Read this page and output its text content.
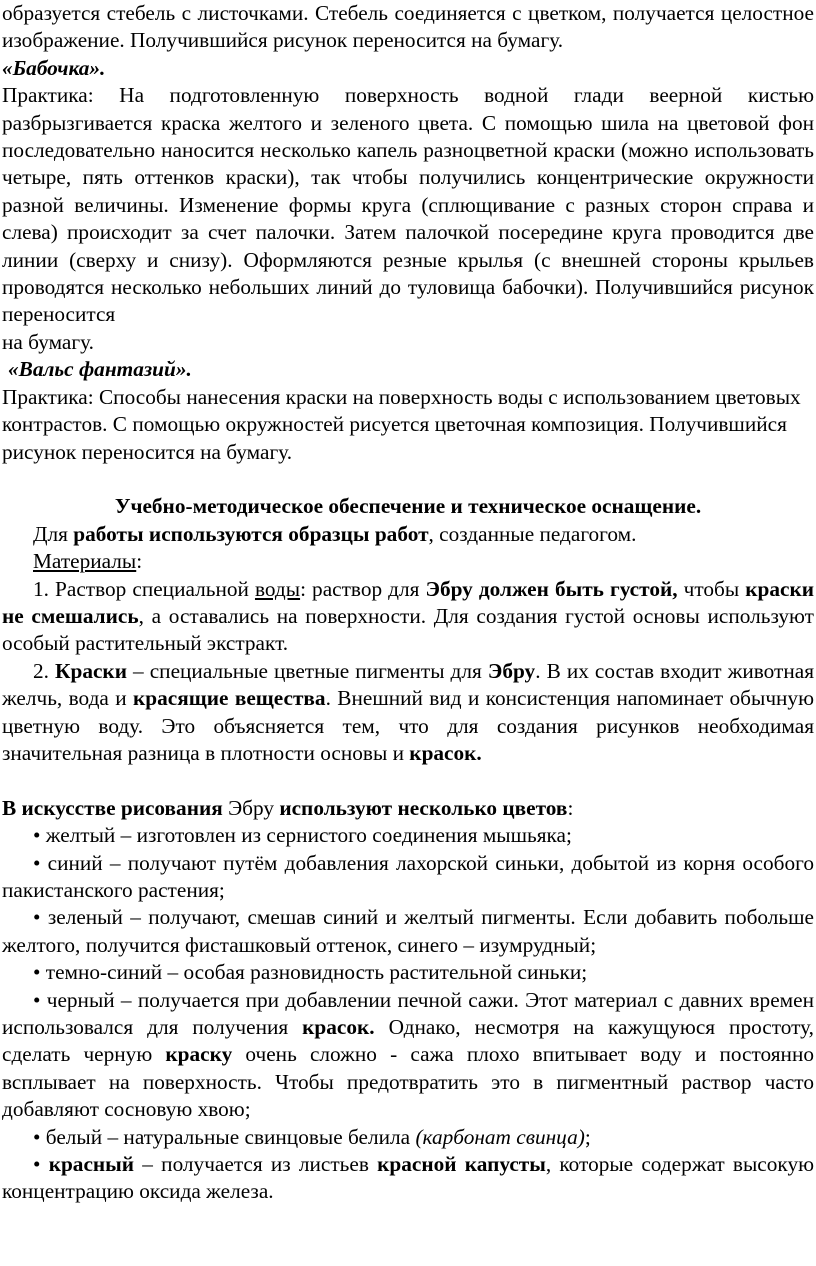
образуется стебель с листочками. Стебель соединяется с цветком, получается целостное изображение. Получившийся рисунок переносится на бумагу.

«Бабочка».

Практика: На подготовленную поверхность водной глади веерной кистью разбрызгивается краска желтого и зеленого цвета. С помощью шила на цветовой фон последовательно наносится несколько капель разноцветной краски (можно использовать четыре, пять оттенков краски), так чтобы получились концентрические окружности разной величины. Изменение формы круга (сплющивание с разных сторон справа и слева) происходит за счет палочки. Затем палочкой посередине круга проводится две линии (сверху и снизу). Оформляются резные крылья (с внешней стороны крыльев проводятся несколько небольших линий до туловища бабочки). Получившийся рисунок переносится

на бумагу.

«Вальс фантазий».

Практика: Способы нанесения краски на поверхность воды с использованием цветовых контрастов. С помощью окружностей рисуется цветочная композиция. Получившийся рисунок переносится на бумагу.

Учебно-методическое обеспечение и техническое оснащение.

Для работы используются образцы работ, созданные педагогом.

Материалы:

1. Раствор специальной воды: раствор для Эбру должен быть густой, чтобы краски не смешались, а оставались на поверхности. Для создания густой основы используют особый растительный экстракт.

2. Краски – специальные цветные пигменты для Эбру. В их состав входит животная желчь, вода и красящие вещества. Внешний вид и консистенция напоминает обычную цветную воду. Это объясняется тем, что для создания рисунков необходимая значительная разница в плотности основы и красок.

В искусстве рисования Эбру используют несколько цветов:

• желтый – изготовлен из сернистого соединения мышьяка;

• синий – получают путём добавления лахорской синьки, добытой из корня особого пакистанского растения;

• зеленый – получают, смешав синий и желтый пигменты. Если добавить побольше желтого, получится фисташковый оттенок, синего – изумрудный;

• темно-синий – особая разновидность растительной синьки;

• черный – получается при добавлении печной сажи. Этот материал с давних времен использовался для получения красок. Однако, несмотря на кажущуюся простоту, сделать черную краску очень сложно - сажа плохо впитывает воду и постоянно всплывает на поверхность. Чтобы предотвратить это в пигментный раствор часто добавляют сосновую хвою;

• белый – натуральные свинцовые белила (карбонат свинца);

• красный – получается из листьев красной капусты, которые содержат высокую концентрацию оксида железа.
